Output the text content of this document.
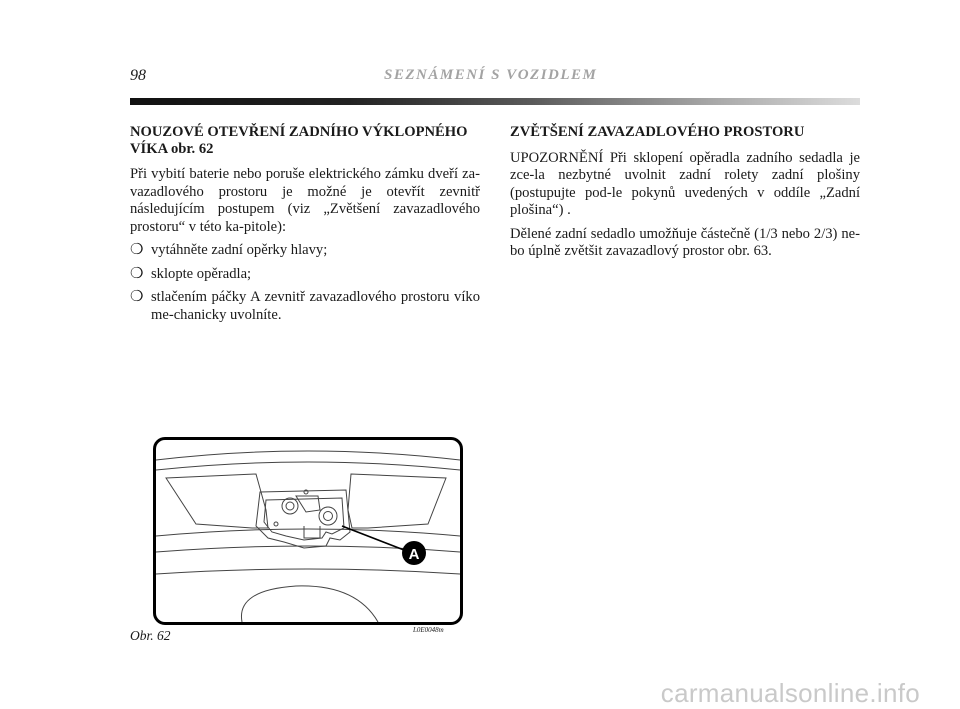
98	SEZNÁMENÍ S VOZIDLEM
NOUZOVÉ OTEVŘENÍ ZADNÍHO VÝKLOPNÉHO VÍKA obr. 62

Při vybití baterie nebo poruše elektrického zámku dveří za-vazadlového prostoru je možné je otevřít zevnitř následujícím postupem (viz „Zvětšení zavazadlového prostoru“ v této ka-pitole):

❍ vytáhněte zadní opěrky hlavy;
❍ sklopte opěradla;
❍ stlačením páčky A zevnitř zavazadlového prostoru víko me-chanicky uvolníte.
ZVĚTŠENÍ ZAVAZADLOVÉHO PROSTORU

UPOZORNĚNÍ Při sklopení opěradla zadního sedadla je zce-la nezbytné uvolnit zadní rolety zadní plošiny (postupujte pod-le pokynů uvedených v oddíle „Zadní plošina“) .

Dělené zadní sedadlo umožňuje částečně (1/3 nebo 2/3) ne-bo úplně zvětšit zavazadlový prostor obr. 63.

A
Obr. 62	L0E0048m
carmanualsonline.info
